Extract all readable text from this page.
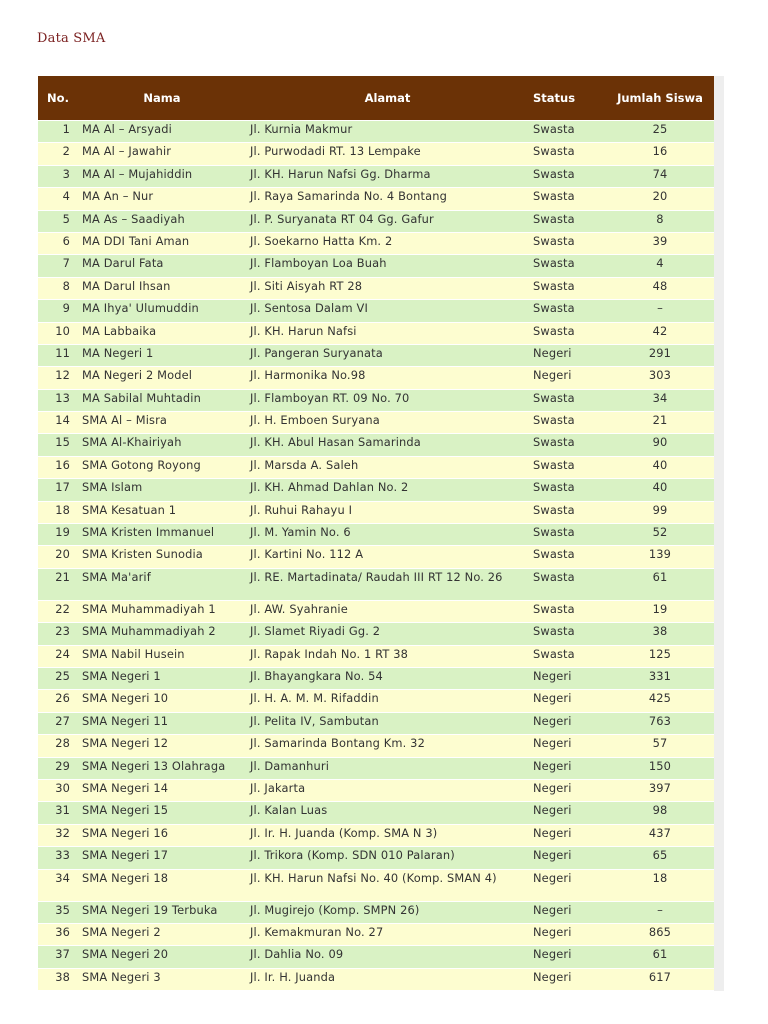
Data SMA
No.	Nama	Alamat	Status	Jumlah Siswa
1	MA Al – Arsyadi	Jl. Kurnia Makmur	Swasta	25
2	MA Al – Jawahir	Jl. Purwodadi RT. 13 Lempake	Swasta	16
3	MA Al – Mujahiddin	Jl. KH. Harun Nafsi Gg. Dharma	Swasta	74
4	MA An – Nur	Jl. Raya Samarinda No. 4 Bontang	Swasta	20
5	MA As – Saadiyah	Jl. P. Suryanata RT 04 Gg. Gafur	Swasta	8
6	MA DDI Tani Aman	Jl. Soekarno Hatta Km. 2	Swasta	39
7	MA Darul Fata	Jl. Flamboyan Loa Buah	Swasta	4
8	MA Darul Ihsan	Jl. Siti Aisyah RT 28	Swasta	48
9	MA Ihya' Ulumuddin	Jl. Sentosa Dalam VI	Swasta	–
10	MA Labbaika	Jl. KH. Harun Nafsi	Swasta	42
11	MA Negeri 1	Jl. Pangeran Suryanata	Negeri	291
12	MA Negeri 2 Model	Jl. Harmonika No.98	Negeri	303
13	MA Sabilal Muhtadin	Jl. Flamboyan RT. 09 No. 70	Swasta	34
14	SMA Al – Misra	Jl. H. Emboen Suryana	Swasta	21
15	SMA Al-Khairiyah	Jl. KH. Abul Hasan Samarinda	Swasta	90
16	SMA Gotong Royong	Jl. Marsda A. Saleh	Swasta	40
17	SMA Islam	Jl. KH. Ahmad Dahlan No. 2	Swasta	40
18	SMA Kesatuan 1	Jl. Ruhui Rahayu I	Swasta	99
19	SMA Kristen Immanuel	Jl. M. Yamin No. 6	Swasta	52
20	SMA Kristen Sunodia	Jl. Kartini No. 112 A	Swasta	139
21	SMA Ma'arif	Jl. RE. Martadinata/ Raudah III RT 12 No. 26	Swasta	61
22	SMA Muhammadiyah 1	Jl. AW. Syahranie	Swasta	19
23	SMA Muhammadiyah 2	Jl. Slamet Riyadi Gg. 2	Swasta	38
24	SMA Nabil Husein	Jl. Rapak Indah No. 1 RT 38	Swasta	125
25	SMA Negeri 1	Jl. Bhayangkara No. 54	Negeri	331
26	SMA Negeri 10	Jl. H. A. M. M. Rifaddin	Negeri	425
27	SMA Negeri 11	Jl. Pelita IV, Sambutan	Negeri	763
28	SMA Negeri 12	Jl. Samarinda Bontang Km. 32	Negeri	57
29	SMA Negeri 13 Olahraga	Jl. Damanhuri	Negeri	150
30	SMA Negeri 14	Jl. Jakarta	Negeri	397
31	SMA Negeri 15	Jl. Kalan Luas	Negeri	98
32	SMA Negeri 16	Jl. Ir. H. Juanda (Komp. SMA N 3)	Negeri	437
33	SMA Negeri 17	Jl. Trikora (Komp. SDN 010 Palaran)	Negeri	65
34	SMA Negeri 18	Jl. KH. Harun Nafsi No. 40 (Komp. SMAN 4)	Negeri	18
35	SMA Negeri 19 Terbuka	Jl. Mugirejo (Komp. SMPN 26)	Negeri	–
36	SMA Negeri 2	Jl. Kemakmuran No. 27	Negeri	865
37	SMA Negeri 20	Jl. Dahlia No. 09	Negeri	61
38	SMA Negeri 3	Jl. Ir. H. Juanda	Negeri	617
